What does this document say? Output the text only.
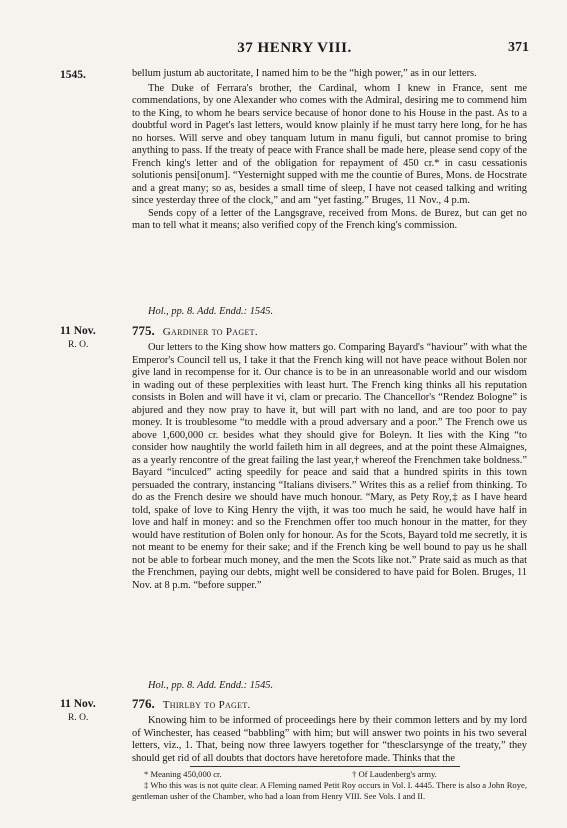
37 HENRY VIII.	371
1545.	bellum justum ab auctoritate, I named him to be the “high power,” as in our letters.

The Duke of Ferrara's brother, the Cardinal, whom I knew in France, sent me commendations, by one Alexander who comes with the Admiral, desiring me to commend him to the King, to whom he bears service because of honor done to his House in the past. As to a doubtful word in Paget's last letters, would know plainly if he must tarry here long, for he has no horses. Will serve and obey tanquam lutum in manu figuli, but cannot promise to bring anything to pass. If the treaty of peace with France shall be made here, please send copy of the French king's letter and of the obligation for repayment of 450 cr.* in casu cessationis solutionis pensi[onum]. “Yesternight supped with me the countie of Bures, Mons. de Hocstrate and a great many; so as, besides a small time of sleep, I have not ceased talking and writing since yesterday three of the clock,” and am “yet fasting.” Bruges, 11 Nov., 4 p.m.

Sends copy of a letter of the Langsgrave, received from Mons. de Burez, but can get no man to tell what it means; also verified copy of the French king's commission.

Hol., pp. 8. Add. Endd.: 1545.
11 Nov.
R. O.
775. Gardiner to Paget.

Our letters to the King show how matters go. Comparing Bayard's “haviour” with what the Emperor's Council tell us, I take it that the French king will not have peace without Bolen nor give land in recompense for it. Our chance is to be in an unreasonable world and our wisdom in wading out of these perplexities with least hurt. The French king thinks all his reputation consists in Bolen and will have it vi, clam or precario. The Chancellor's “Rendez Bologne” is abjured and they now pray to have it, but will part with no land, and are too poor to pay money. It is troublesome “to meddle with a proud adversary and a poor.” The French owe us above 1,600,000 cr. besides what they should give for Boleyn. It lies with the King “to consider how naughtily the world faileth him in all degrees, and at the point these Almaignes, as a yearly rencontre of the great failing the last year,† whereof the Frenchmen take boldness.” Bayard “inculced” acting speedily for peace and said that a hundred spirits in this town persuaded the contrary, instancing “Italians divisers.” Writes this as a relief from thinking. To do as the French desire we should have much honour. “Mary, as Pety Roy,‡ as I have heard told, spake of love to King Henry the vijth, it was too much he said, he would have half in love and half in money: and so the Frenchmen offer too much honour in the matter, for they would have restitution of Bolen only for honour. As for the Scots, Bayard told me secretly, it is not meant to be enemy for their sake; and if the French king be well bound to pay us he shall not be able to forbear much money, and the men the Scots like not.” Prate said as much as that the Frenchmen, paying our debts, might well be considered to have paid for Bolen. Bruges, 11 Nov. at 8 p.m. “before supper.”

Hol., pp. 8. Add. Endd.: 1545.
11 Nov.
R. O.
776. Thirlby to Paget.

Knowing him to be informed of proceedings here by their common letters and by my lord of Winchester, has ceased “babbling” with him; but will answer two points in his two several letters, viz., 1. That, being now three lawyers together for “thesclarsynge of the treaty,” they should get rid of all doubts that doctors have heretofore made. Thinks that the

* Meaning 450,000 cr.	† Of Laudenberg's army.
‡ Who this was is not quite clear. A Fleming named Petit Roy occurs in Vol. I. 4445. There is also a John Roye, gentleman usher of the Chamber, who had a loan from Henry VIII. See Vols. I and II.
